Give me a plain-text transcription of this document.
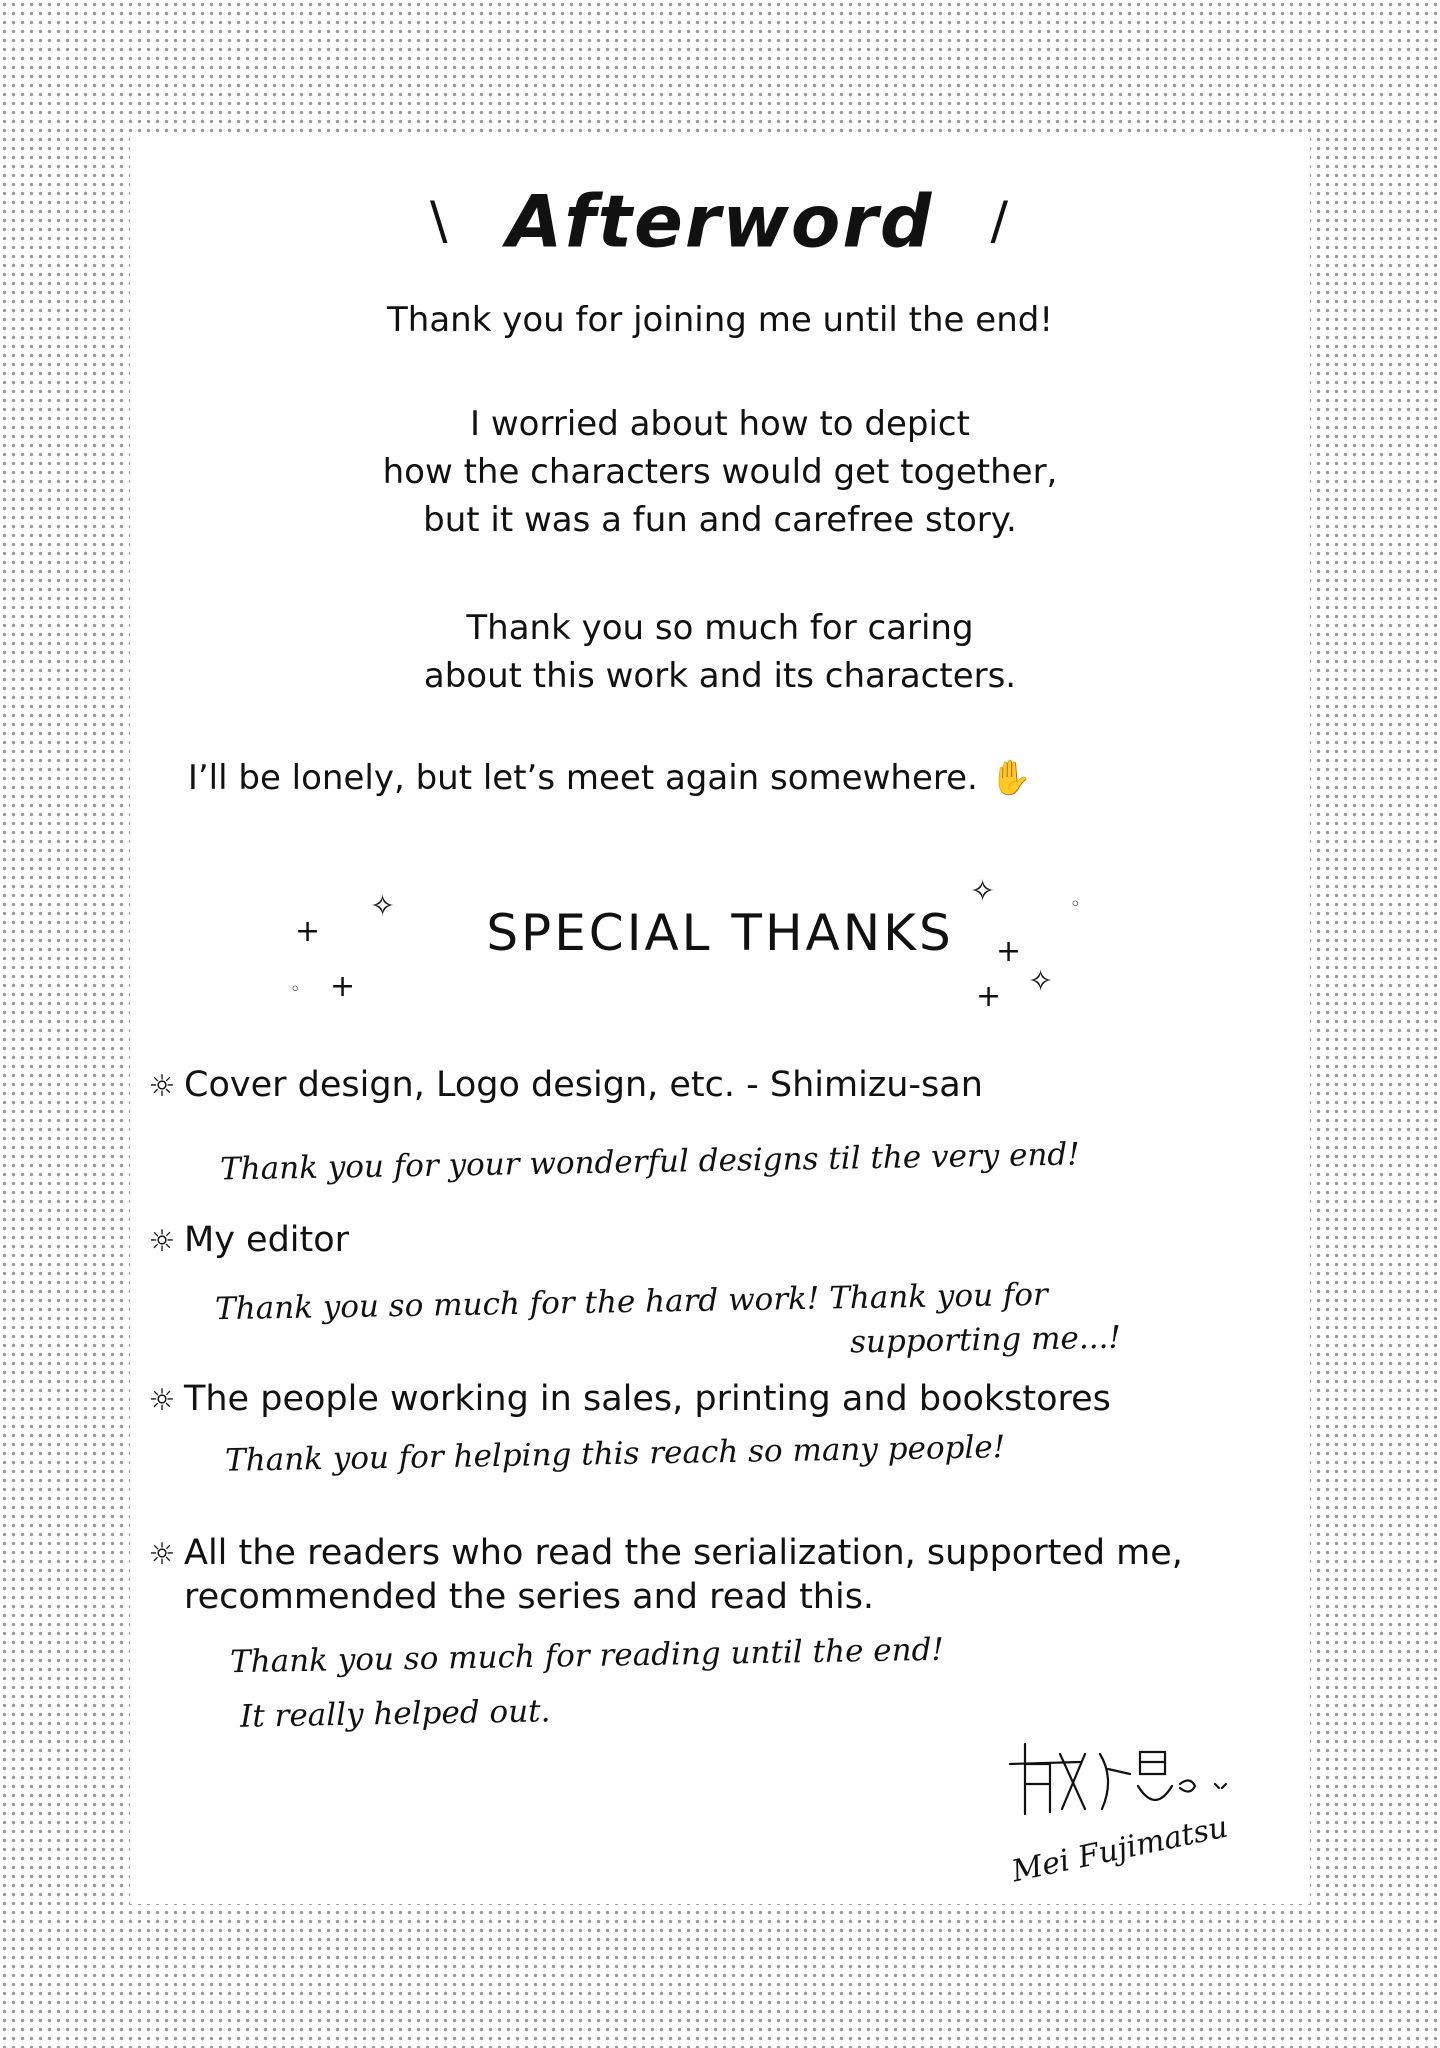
\ Afterword /
Thank you for joining me until the end!
I worried about how to depict
how the characters would get together,
but it was a fun and carefree story.
Thank you so much for caring
about this work and its characters.
I’ll be lonely, but let’s meet again somewhere. ✋
+
✧
+
◦
✧
+
+ ✧
◦
SPECIAL THANKS
☼ Cover design, Logo design, etc. - Shimizu-san
Thank you for your wonderful designs til the very end!
☼ My editor
Thank you so much for the hard work! Thank you for
supporting me...!
☼ The people working in sales, printing and bookstores
Thank you for helping this reach so many people!
☼ All the readers who read the serialization, supported me,
recommended the series and read this.
Thank you so much for reading until the end!
It really helped out.
Mei Fujimatsu
